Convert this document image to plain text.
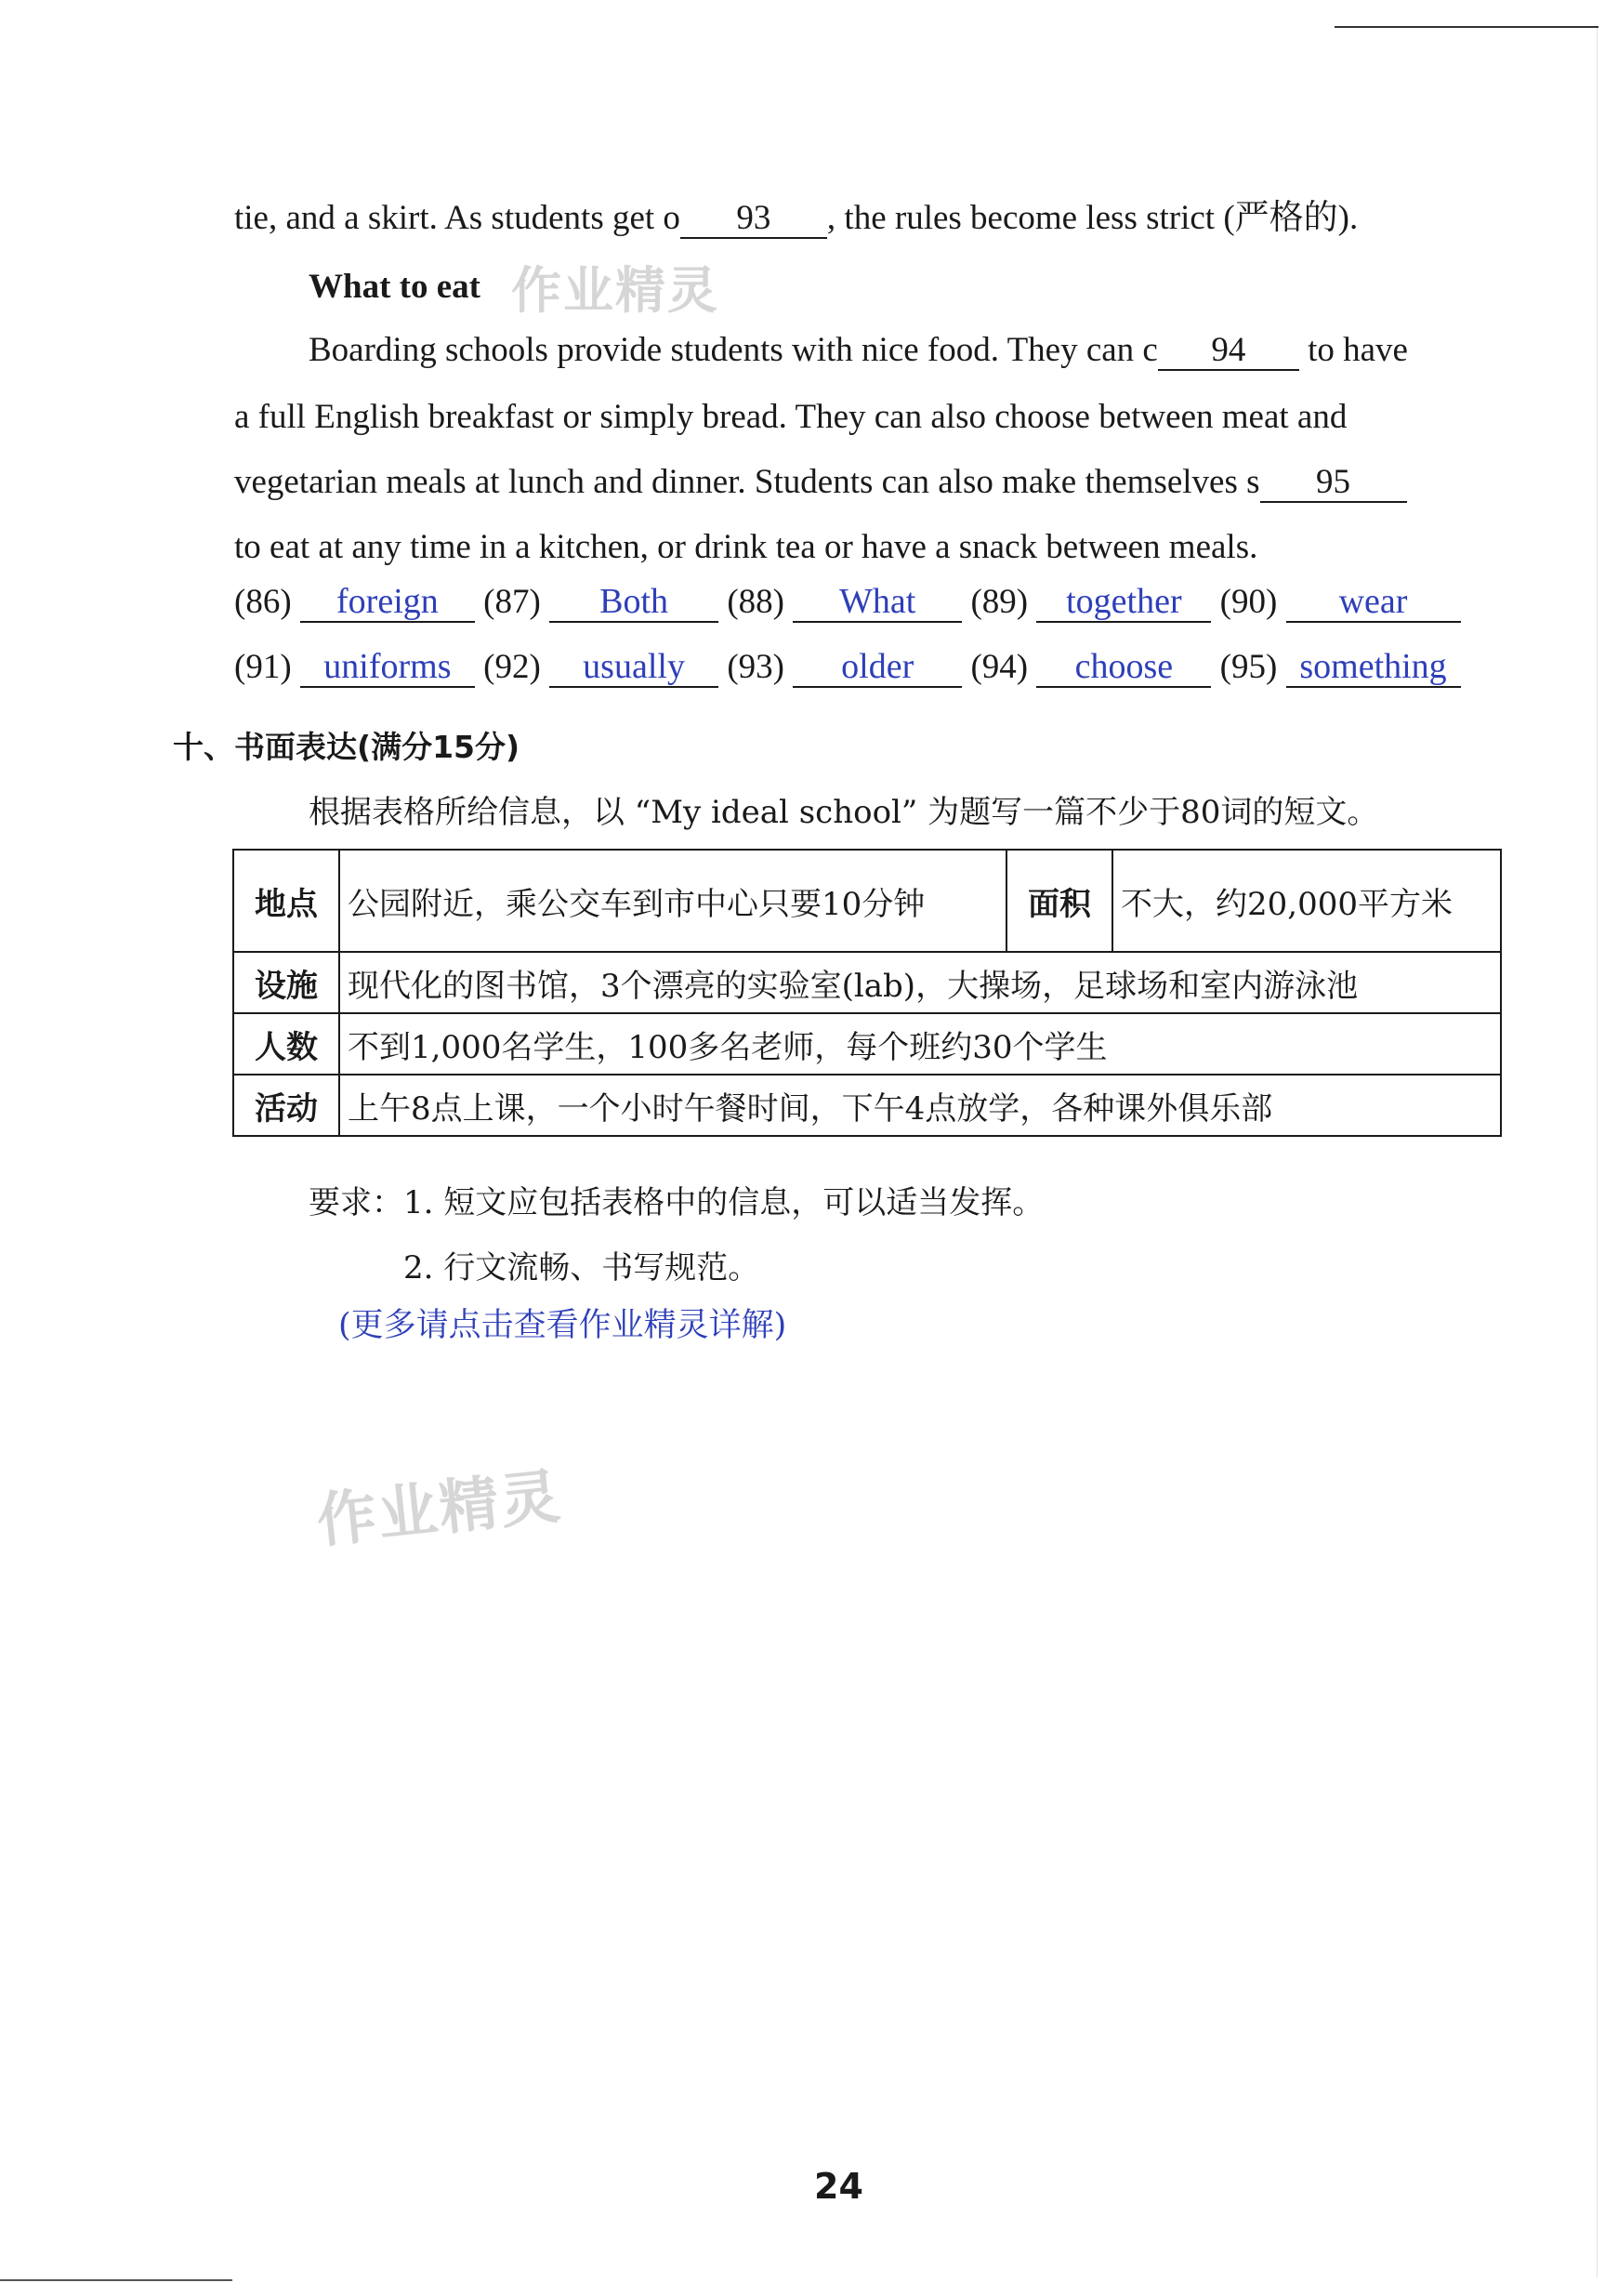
tie, and a skirt. As students get o 93 , the rules become less strict (严格的).
What to eat 作业精灵
Boarding schools provide students with nice food. They can c 94 to have
a full English breakfast or simply bread. They can also choose between meat and
vegetarian meals at lunch and dinner. Students can also make themselves s 95
to eat at any time in a kitchen, or drink tea or have a snack between meals.
(86) foreign (87) Both (88) What (89) together (90) wear
(91) uniforms (92) usually (93) older (94) choose (95) something
十、书面表达(满分15分)
根据表格所给信息，以 “My ideal school” 为题写一篇不少于80词的短文。
地点	公园附近，乘公交车到市中心只要10分钟	面积	不大，约20,000平方米
设施	现代化的图书馆，3个漂亮的实验室(lab)，大操场，足球场和室内游泳池		
人数	不到1,000名学生，100多名老师，每个班约30个学生		
活动	上午8点上课，一个小时午餐时间，下午4点放学，各种课外俱乐部		
要求：1. 短文应包括表格中的信息，可以适当发挥。
2. 行文流畅、书写规范。
(更多请点击查看作业精灵详解)
作业精灵
24
